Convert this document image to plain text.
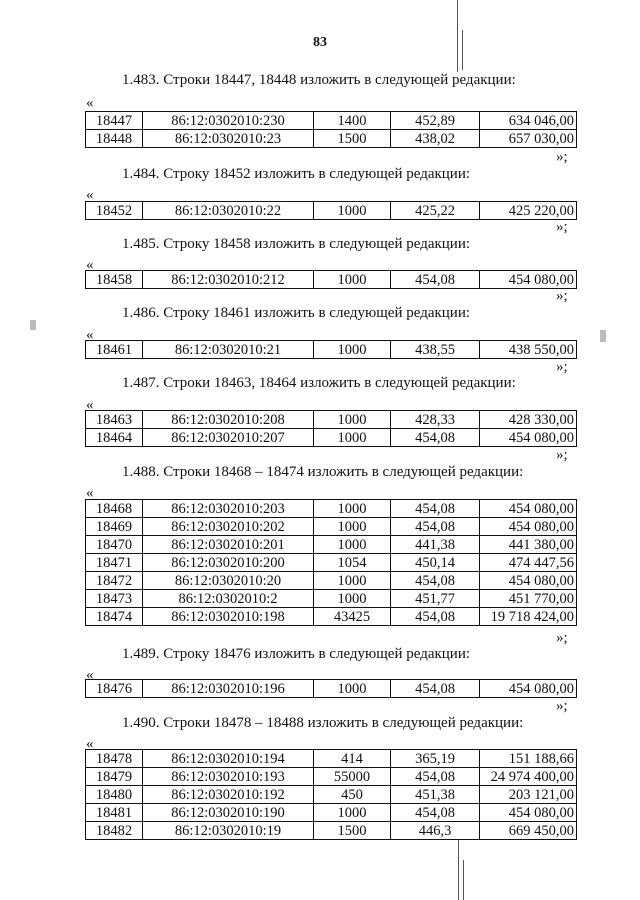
83
1.483. Строки 18447, 18448 изложить в следующей редакции:
«
18447	86:12:0302010:230	1400	452,89	634 046,00
18448	86:12:0302010:23	1500	438,02	657 030,00
»;
1.484. Строку 18452 изложить в следующей редакции:
«
18452	86:12:0302010:22	1000	425,22	425 220,00
»;
1.485. Строку 18458 изложить в следующей редакции:
«
18458	86:12:0302010:212	1000	454,08	454 080,00
»;
1.486. Строку 18461 изложить в следующей редакции:
«
18461	86:12:0302010:21	1000	438,55	438 550,00
»;
1.487. Строки 18463, 18464 изложить в следующей редакции:
«
18463	86:12:0302010:208	1000	428,33	428 330,00
18464	86:12:0302010:207	1000	454,08	454 080,00
»;
1.488. Строки 18468 – 18474 изложить в следующей редакции:
«
18468	86:12:0302010:203	1000	454,08	454 080,00
18469	86:12:0302010:202	1000	454,08	454 080,00
18470	86:12:0302010:201	1000	441,38	441 380,00
18471	86:12:0302010:200	1054	450,14	474 447,56
18472	86:12:0302010:20	1000	454,08	454 080,00
18473	86:12:0302010:2	1000	451,77	451 770,00
18474	86:12:0302010:198	43425	454,08	19 718 424,00
»;
1.489. Строку 18476 изложить в следующей редакции:
«
18476	86:12:0302010:196	1000	454,08	454 080,00
»;
1.490. Строки 18478 – 18488 изложить в следующей редакции:
«
18478	86:12:0302010:194	414	365,19	151 188,66
18479	86:12:0302010:193	55000	454,08	24 974 400,00
18480	86:12:0302010:192	450	451,38	203 121,00
18481	86:12:0302010:190	1000	454,08	454 080,00
18482	86:12:0302010:19	1500	446,3	669 450,00
